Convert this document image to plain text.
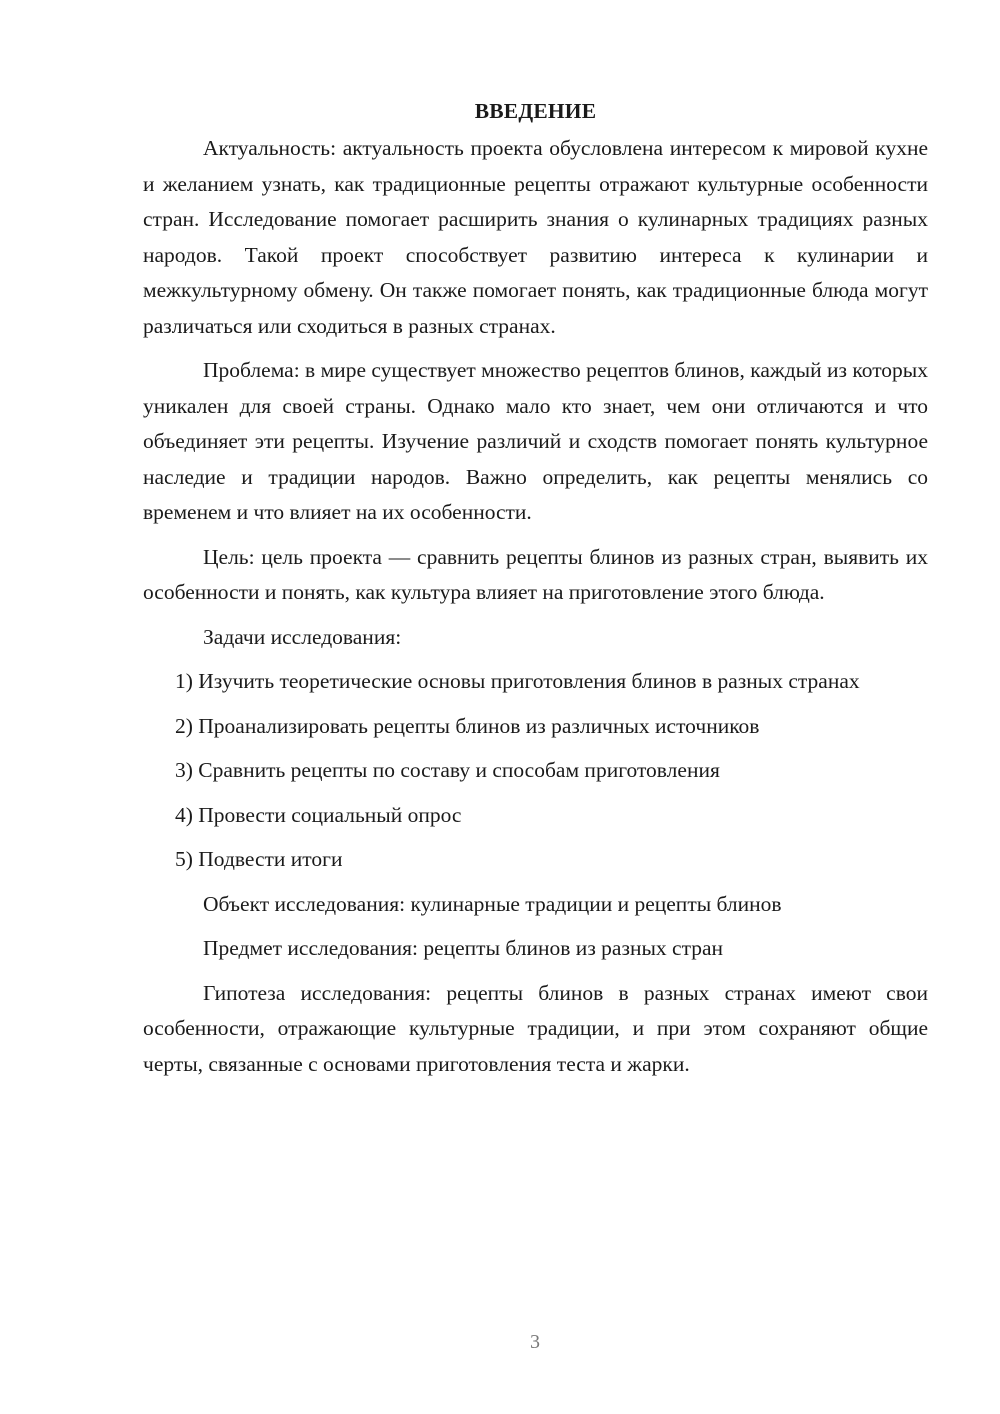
ВВЕДЕНИЕ

Актуальность: актуальность проекта обусловлена интересом к мировой кухне и желанием узнать, как традиционные рецепты отражают культурные особенности стран. Исследование помогает расширить знания о кулинарных традициях разных народов. Такой проект способствует развитию интереса к кулинарии и межкультурному обмену. Он также помогает понять, как традиционные блюда могут различаться или сходиться в разных странах.

Проблема: в мире существует множество рецептов блинов, каждый из которых уникален для своей страны. Однако мало кто знает, чем они отличаются и что объединяет эти рецепты. Изучение различий и сходств помогает понять культурное наследие и традиции народов. Важно определить, как рецепты менялись со временем и что влияет на их особенности.

Цель: цель проекта — сравнить рецепты блинов из разных стран, выявить их особенности и понять, как культура влияет на приготовление этого блюда.

Задачи исследования:

1) Изучить теоретические основы приготовления блинов в разных странах
2) Проанализировать рецепты блинов из различных источников
3) Сравнить рецепты по составу и способам приготовления
4) Провести социальный опрос
5) Подвести итоги

Объект исследования: кулинарные традиции и рецепты блинов

Предмет исследования: рецепты блинов из разных стран

Гипотеза исследования: рецепты блинов в разных странах имеют свои особенности, отражающие культурные традиции, и при этом сохраняют общие черты, связанные с основами приготовления теста и жарки.

3
